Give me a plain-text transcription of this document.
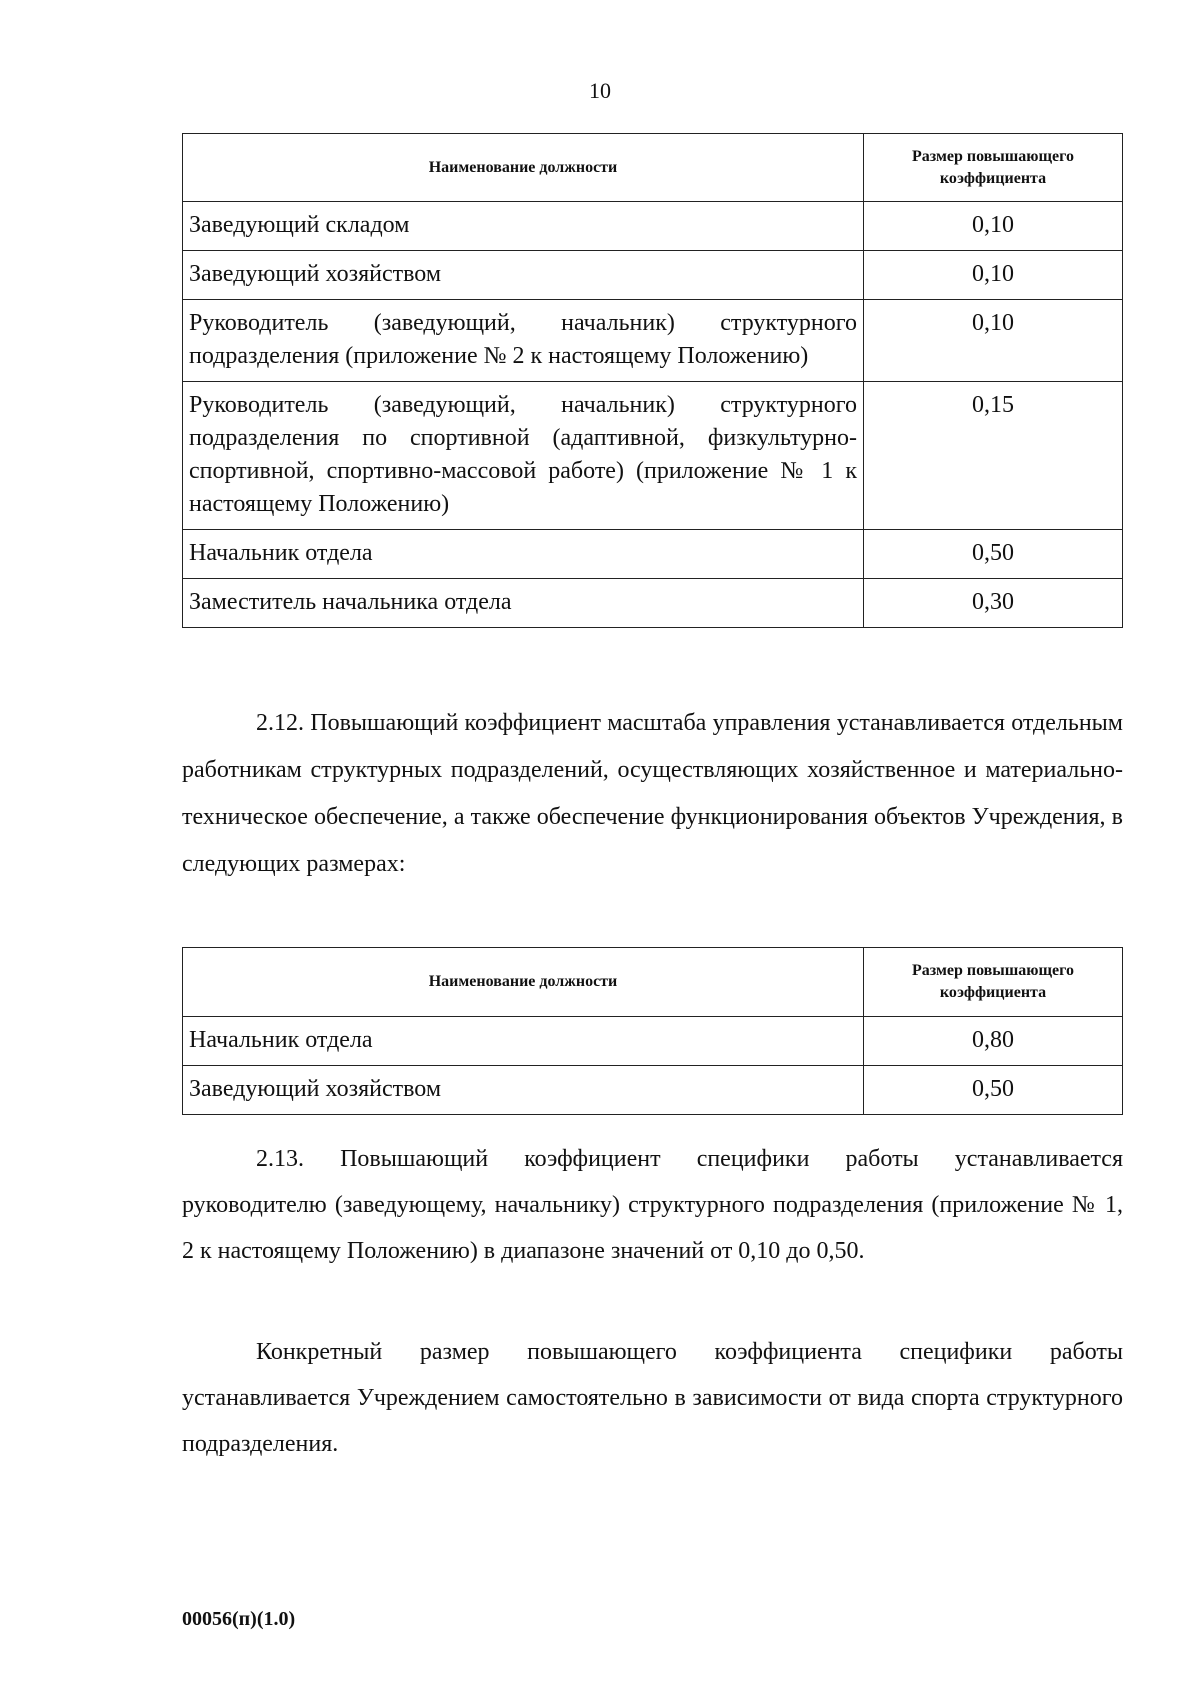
10
Наименование должности	Размер повышающего коэффициента
Заведующий складом	0,10
Заведующий хозяйством	0,10
Руководитель (заведующий, начальник) структурного подразделения (приложение № 2 к настоящему Положению)	0,10
Руководитель (заведующий, начальник) структурного подразделения по спортивной (адаптивной, физкультурно-спортивной, спортивно-массовой работе) (приложение № 1 к настоящему Положению)	0,15
Начальник отдела	0,50
Заместитель начальника отдела	0,30

2.12. Повышающий коэффициент масштаба управления устанавливается отдельным работникам структурных подразделений, осуществляющих хозяйственное и материально-техническое обеспечение, а также обеспечение функционирования объектов Учреждения, в следующих размерах:

Наименование должности	Размер повышающего коэффициента
Начальник отдела	0,80
Заведующий хозяйством	0,50

2.13. Повышающий коэффициент специфики работы устанавливается руководителю (заведующему, начальнику) структурного подразделения (приложение № 1, 2 к настоящему Положению) в диапазоне значений от 0,10 до 0,50.

Конкретный размер повышающего коэффициента специфики работы устанавливается Учреждением самостоятельно в зависимости от вида спорта структурного подразделения.

00056(п)(1.0)
